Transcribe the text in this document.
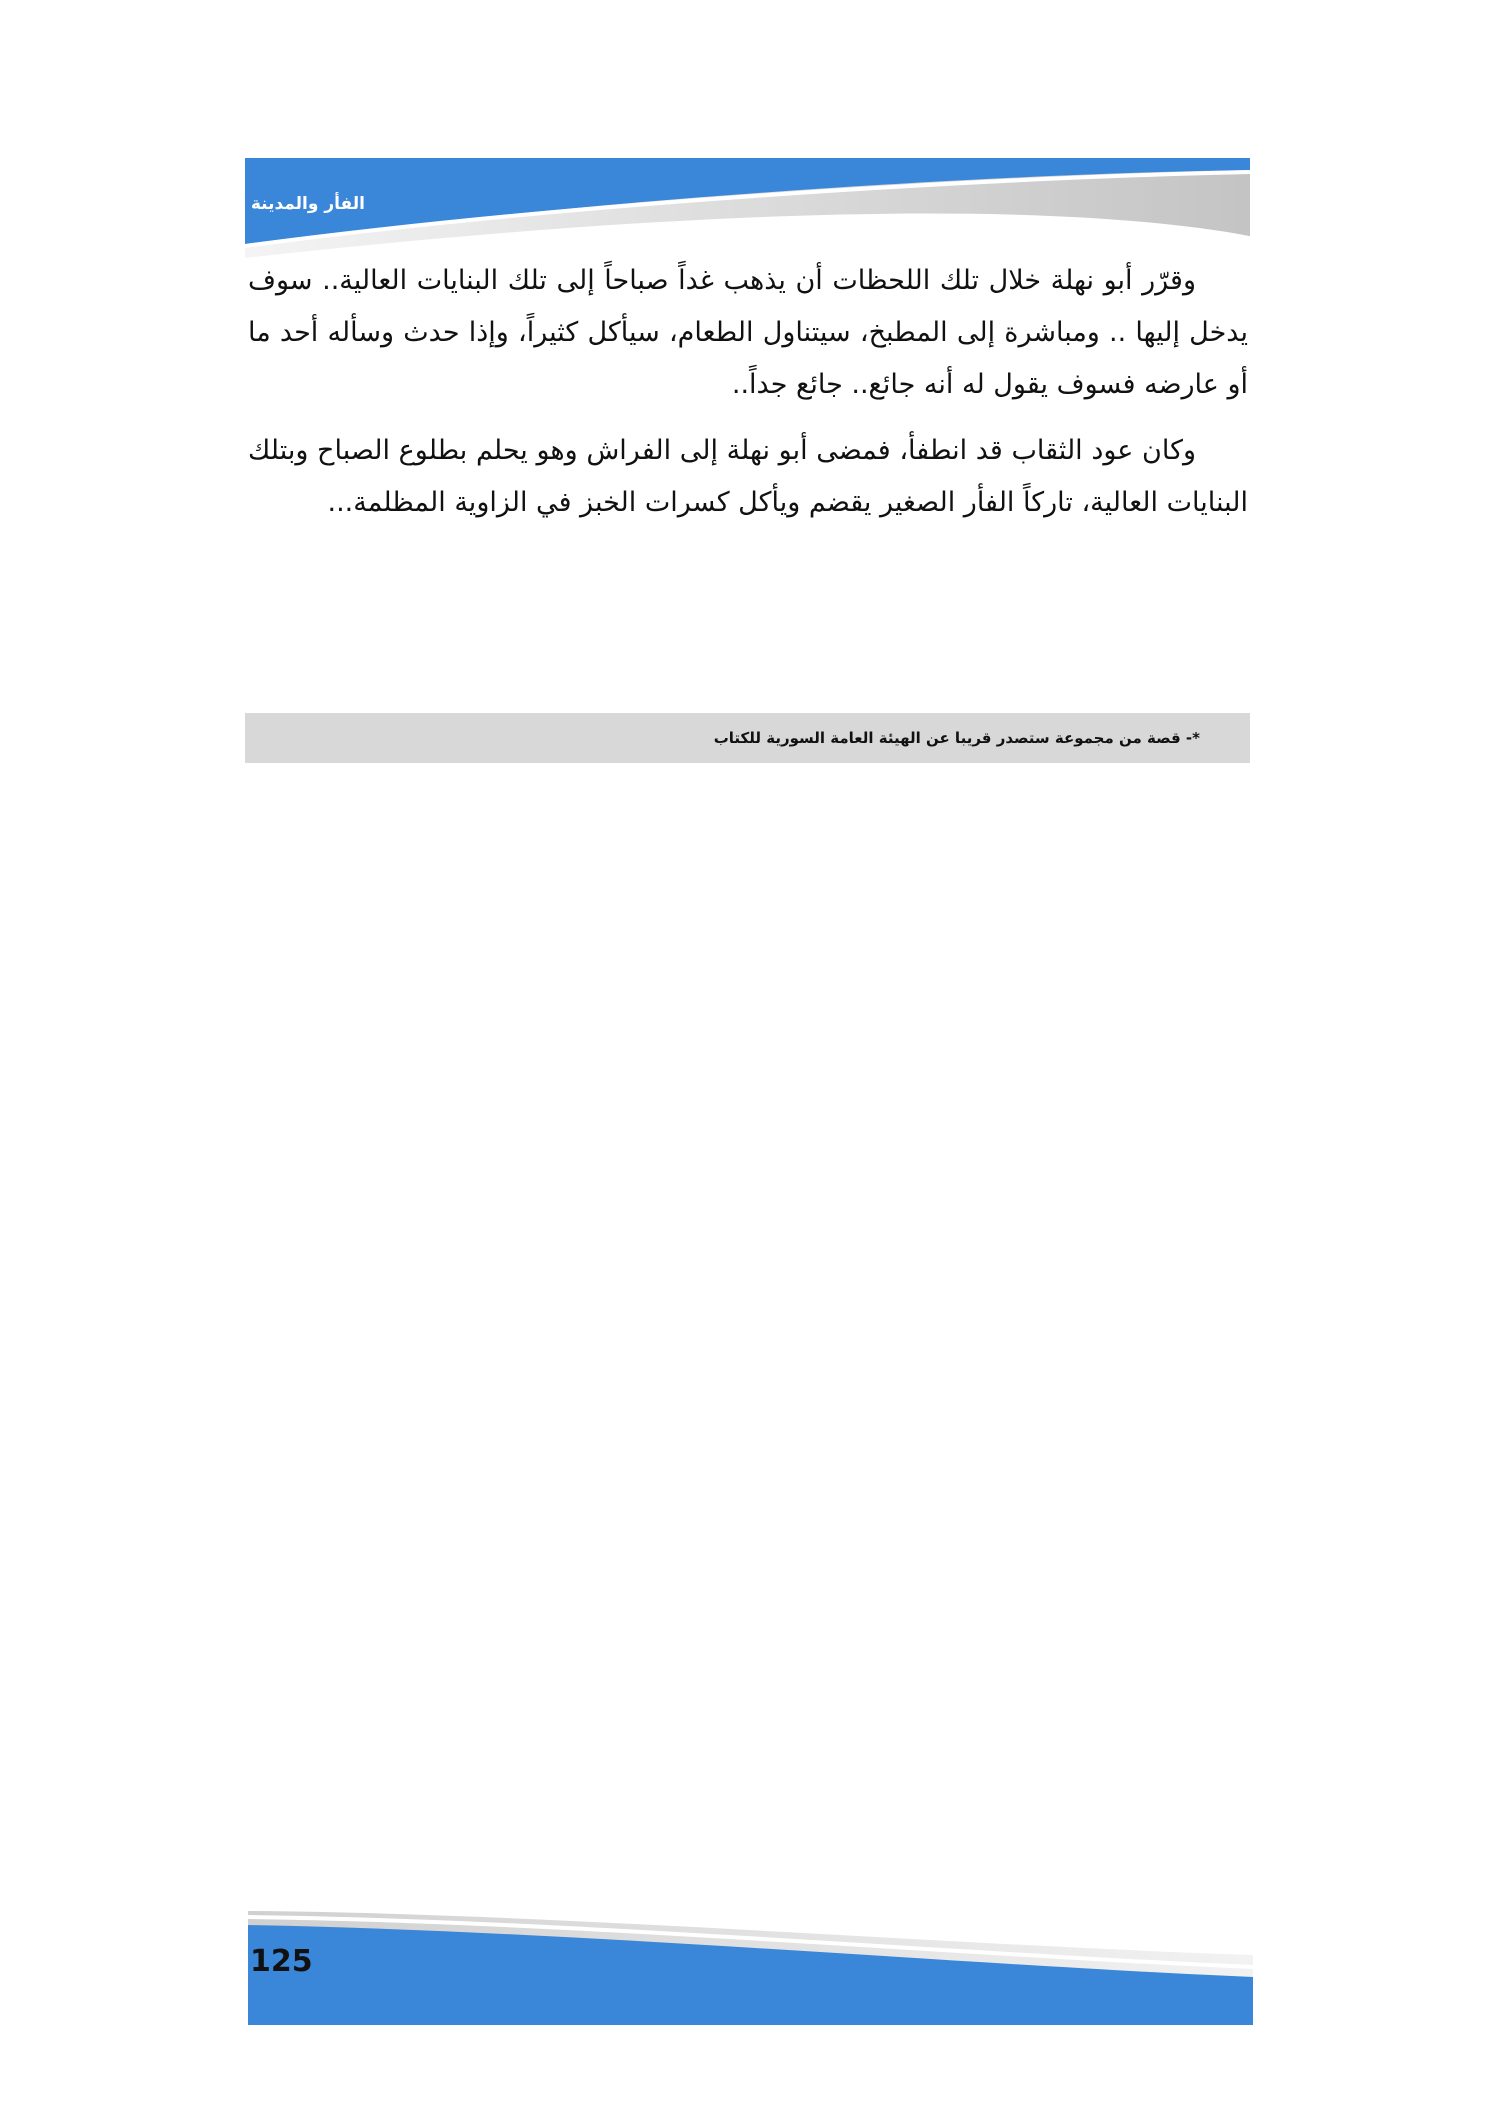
الفأر والمدينة

وقرّر أبو نهلة خلال تلك اللحظات أن يذهب غداً صباحاً إلى تلك البنايات العالية.. سوف يدخل إليها .. ومباشرة إلى المطبخ، سيتناول الطعام، سيأكل كثيراً، وإذا حدث وسأله أحد ما أو عارضه فسوف يقول له أنه جائع.. جائع جداً..

وكان عود الثقاب قد انطفأ، فمضى أبو نهلة إلى الفراش وهو يحلم بطلوع الصباح وبتلك البنايات العالية، تاركاً الفأر الصغير يقضم ويأكل كسرات الخبز في الزاوية المظلمة...

*- قصة من مجموعة ستصدر قريبا عن الهيئة العامة السورية للكتاب
125
